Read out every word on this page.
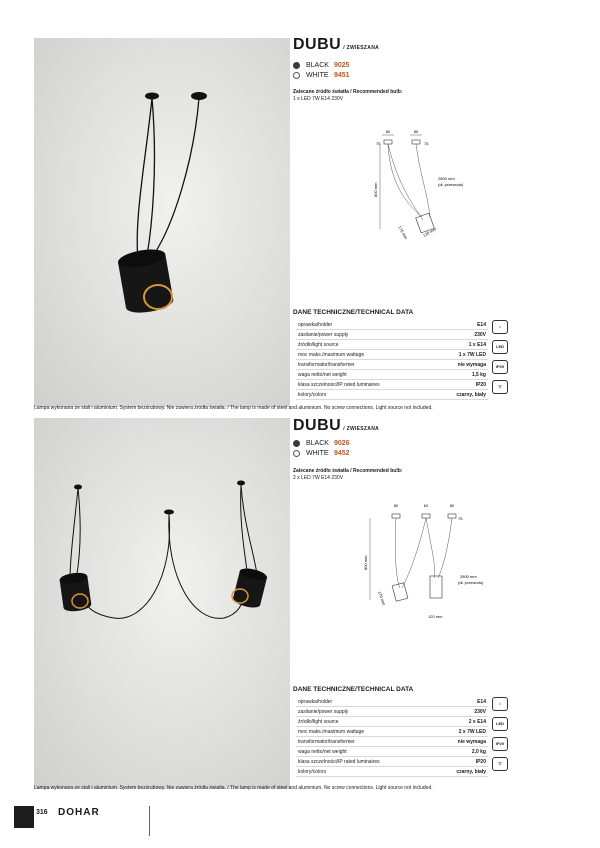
DUBU / ZWIESZANA
BLACK 9025
WHITE 9451
Zalecane źródło światła / Recommended bulb:
1 x LED 7W E14 230V
80	80
75	75
800 mm
2800 mm
(dł. przewodu)
170 mm	120 mm
DANE TECHNICZNE/TECHNICAL DATA
oprawka/holder	E14
zasilanie/power supply	230V
źródło/light source	1 x E14
moc maks./maximum wattage	1 x 7W LED
transformator/transformer	nie wymaga
waga netto/net weight	1,5 kg
klasa szczelności/IP rated luminaires	IP20
kolory/colors	czarny, biały
⌂
LED
IP20
▽
Lampa wykonana ze stali i aluminium. System bezśrubowy. Nie zawiera źródła światła. / The lamp is made of steel and aluminium. No screw connections. Light source not included.
DUBU / ZWIESZANA
BLACK 9026
WHITE 9452
Zalecane źródło światła / Recommended bulb:
2 x LED 7W E14 230V
80	62	80
75
800 mm
2800 mm
(dł. przewodu)
170 mm
120 mm
DANE TECHNICZNE/TECHNICAL DATA
oprawka/holder	E14
zasilanie/power supply	230V
źródło/light source	2 x E14
moc maks./maximum wattage	2 x 7W LED
transformator/transformer	nie wymaga
waga netto/net weight	2,0 kg
klasa szczelności/IP rated luminaires	IP20
kolory/colors	czarny, biały
⌂
LED
IP20
▽
Lampa wykonana ze stali i aluminium. System bezśrubowy. Nie zawiera źródła światła. / The lamp is made of steel and aluminium. No screw connections. Light source not included.
316 DOHAR
